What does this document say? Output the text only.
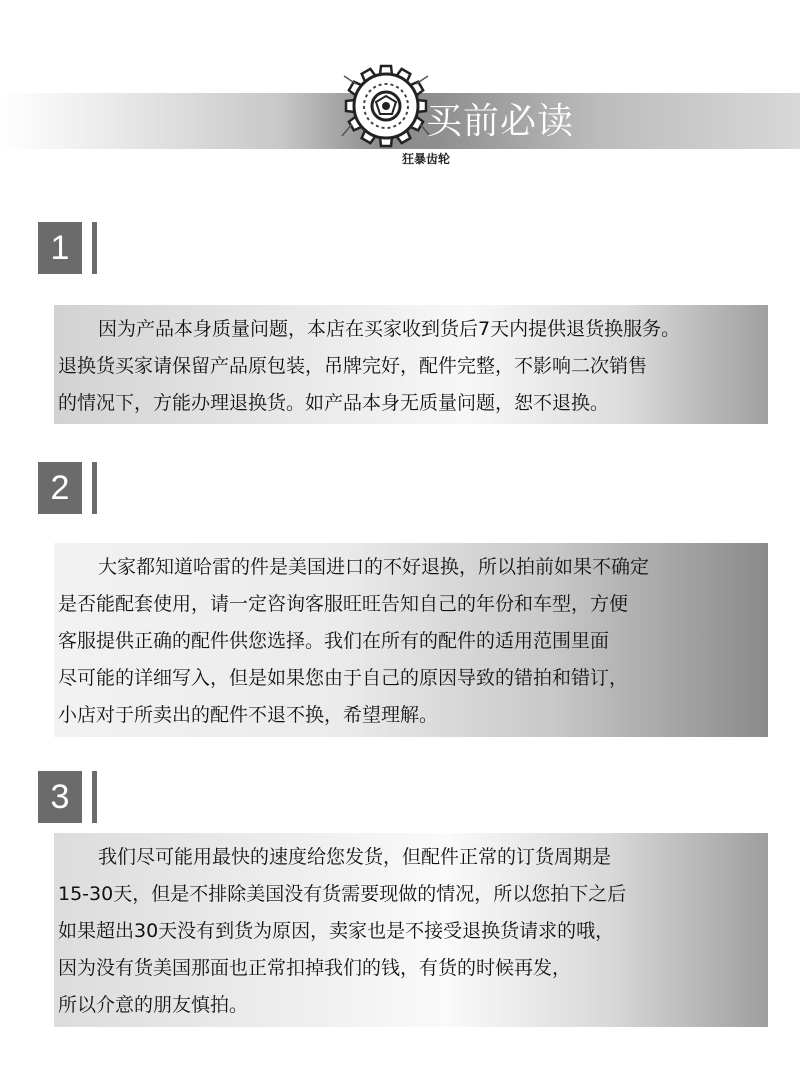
买前必读
狂暴齿轮
1
因为产品本身质量问题，本店在买家收到货后7天内提供退货换服务。
退换货买家请保留产品原包装，吊牌完好，配件完整，不影响二次销售
的情况下，方能办理退换货。如产品本身无质量问题，恕不退换。
2
大家都知道哈雷的件是美国进口的不好退换，所以拍前如果不确定
是否能配套使用，请一定咨询客服旺旺告知自己的年份和车型，方便
客服提供正确的配件供您选择。我们在所有的配件的适用范围里面
尽可能的详细写入，但是如果您由于自己的原因导致的错拍和错订，
小店对于所卖出的配件不退不换，希望理解。
3
我们尽可能用最快的速度给您发货，但配件正常的订货周期是
15-30天，但是不排除美国没有货需要现做的情况，所以您拍下之后
如果超出30天没有到货为原因，卖家也是不接受退换货请求的哦，
因为没有货美国那面也正常扣掉我们的钱，有货的时候再发，
所以介意的朋友慎拍。
